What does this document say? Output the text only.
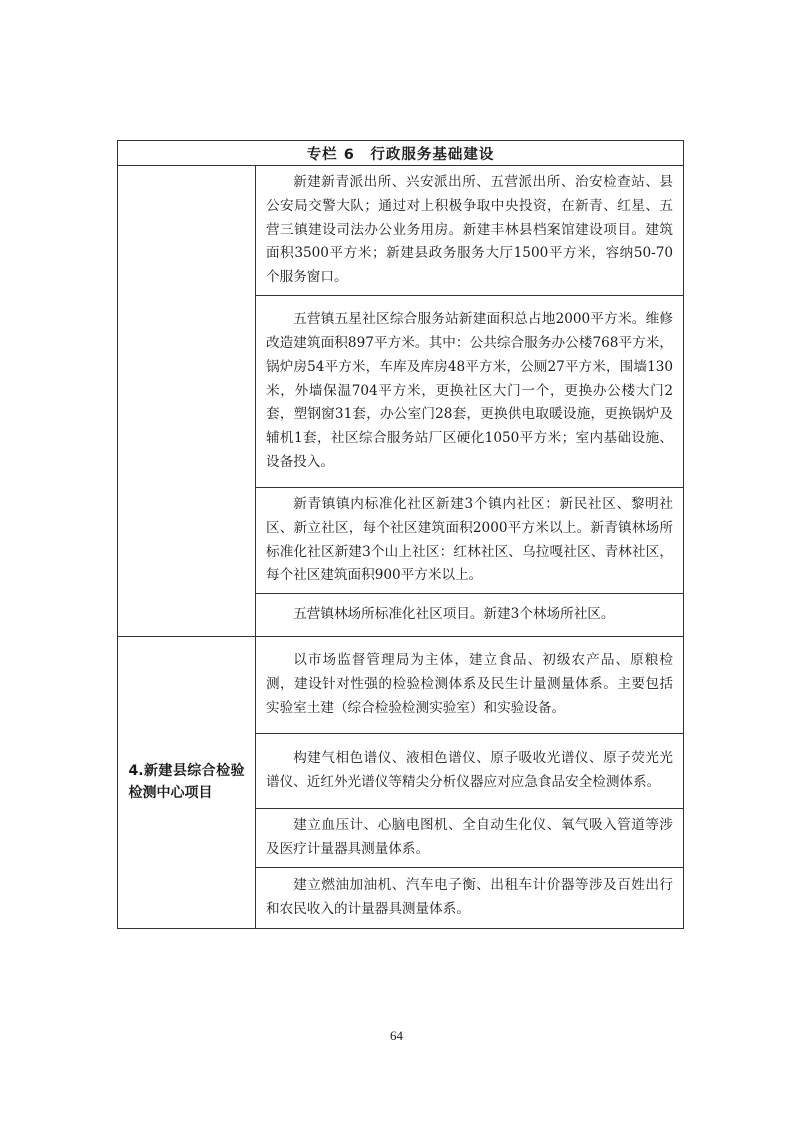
专栏 6　行政服务基础建设	
	新建新青派出所、兴安派出所、五营派出所、治安检查站、县公安局交警大队；通过对上积极争取中央投资，在新青、红星、五营三镇建设司法办公业务用房。新建丰林县档案馆建设项目。建筑面积3500平方米；新建县政务服务大厅1500平方米，容纳50-70个服务窗口。
	五营镇五星社区综合服务站新建面积总占地2000平方米。维修改造建筑面积897平方米。其中：公共综合服务办公楼768平方米，锅炉房54平方米，车库及库房48平方米，公厕27平方米，围墙130米，外墙保温704平方米，更换社区大门一个，更换办公楼大门2套，塑钢窗31套，办公室门28套，更换供电取暖设施，更换锅炉及辅机1套，社区综合服务站厂区硬化1050平方米；室内基础设施、设备投入。
	新青镇镇内标准化社区新建3个镇内社区：新民社区、黎明社区、新立社区，每个社区建筑面积2000平方米以上。新青镇林场所标准化社区新建3个山上社区：红林社区、乌拉嘎社区、青林社区，每个社区建筑面积900平方米以上。
	五营镇林场所标准化社区项目。新建3个林场所社区。
4.新建县综合检验检测中心项目	以市场监督管理局为主体，建立食品、初级农产品、原粮检测，建设针对性强的检验检测体系及民生计量测量体系。主要包括实验室土建（综合检验检测实验室）和实验设备。
	构建气相色谱仪、液相色谱仪、原子吸收光谱仪、原子荧光光谱仪、近红外光谱仪等精尖分析仪器应对应急食品安全检测体系。
	建立血压计、心脑电图机、全自动生化仪、氧气吸入管道等涉及医疗计量器具测量体系。
	建立燃油加油机、汽车电子衡、出租车计价器等涉及百姓出行和农民收入的计量器具测量体系。
64
